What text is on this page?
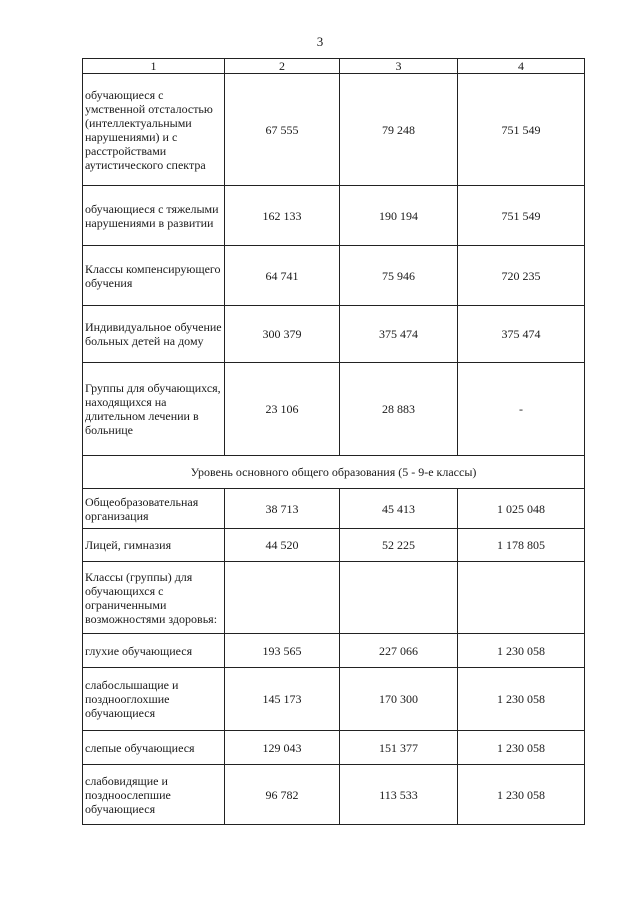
3
1	2	3	4
обучающиеся с умственной отсталостью (интеллектуальными нарушениями) и с расстройствами аутистического спектра	67 555	79 248	751 549
обучающиеся с тяжелыми нарушениями в развитии	162 133	190 194	751 549
Классы компенсирующего обучения	64 741	75 946	720 235
Индивидуальное обучение больных детей на дому	300 379	375 474	375 474
Группы для обучающихся, находящихся на длительном лечении в больнице	23 106	28 883	-
Уровень основного общего образования (5 - 9-е классы)			
Общеобразовательная организация	38 713	45 413	1 025 048
Лицей, гимназия	44 520	52 225	1 178 805
Классы (группы) для обучающихся с ограниченными возможностями здоровья:			
глухие обучающиеся	193 565	227 066	1 230 058
слабослышащие и позднооглохшие обучающиеся	145 173	170 300	1 230 058
слепые обучающиеся	129 043	151 377	1 230 058
слабовидящие и поздноослепшие обучающиеся	96 782	113 533	1 230 058
